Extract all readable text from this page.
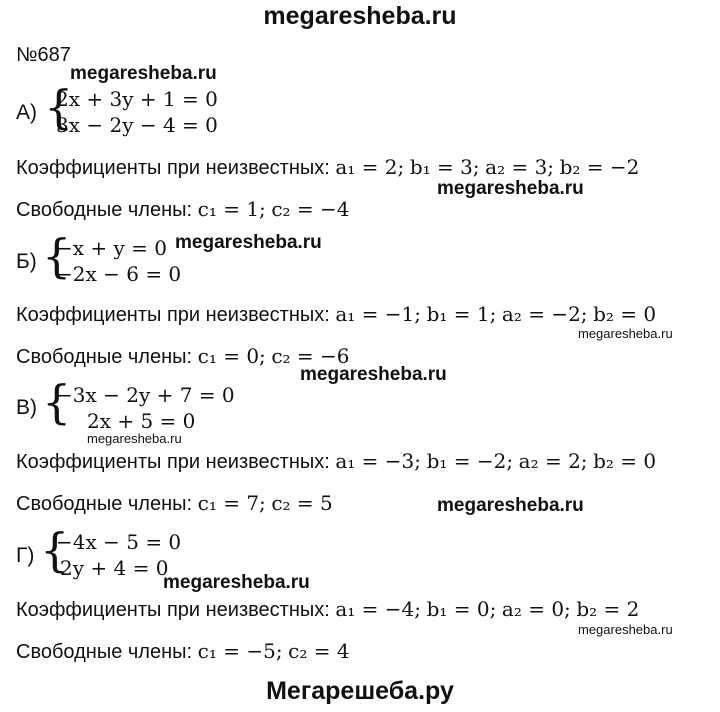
megaresheba.ru
№687
А) {
2x + 3y + 1 = 0
3x − 2y − 4 = 0
Коэффициенты при неизвестных: a₁ = 2; b₁ = 3; a₂ = 3; b₂ = −2
Свободные члены: c₁ = 1; c₂ = −4
Б) {
−x + y = 0
−2x − 6 = 0
Коэффициенты при неизвестных: a₁ = −1; b₁ = 1; a₂ = −2; b₂ = 0
Свободные члены: c₁ = 0; c₂ = −6
В) {
−3x − 2y + 7 = 0
2x + 5 = 0
Коэффициенты при неизвестных: a₁ = −3; b₁ = −2; a₂ = 2; b₂ = 0
Свободные члены: c₁ = 7; c₂ = 5
Г) {
−4x − 5 = 0
2y + 4 = 0
Коэффициенты при неизвестных: a₁ = −4; b₁ = 0; a₂ = 0; b₂ = 2
Свободные члены: c₁ = −5; c₂ = 4
megaresheba.ru
megaresheba.ru
megaresheba.ru
megaresheba.ru
megaresheba.ru
megaresheba.ru
megaresheba.ru
megaresheba.ru
megaresheba.ru
Мегарешеба.ру
